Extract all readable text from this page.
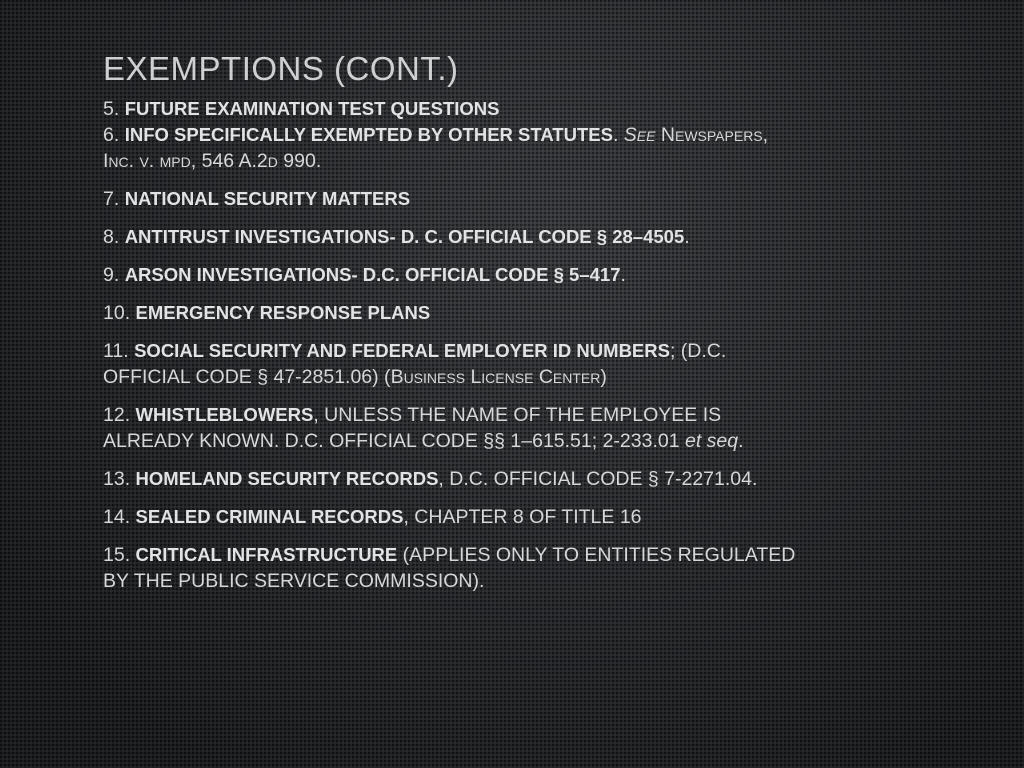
EXEMPTIONS (CONT.)
5. FUTURE EXAMINATION TEST QUESTIONS
6. INFO SPECIFICALLY EXEMPTED BY OTHER STATUTES. See Newspapers,
Inc. v. mpd, 546 A.2d 990.
7. NATIONAL SECURITY MATTERS
8. ANTITRUST INVESTIGATIONS- D. C. OFFICIAL CODE § 28–4505.
9. ARSON INVESTIGATIONS- D.C. OFFICIAL CODE § 5–417.
10. EMERGENCY RESPONSE PLANS
11. SOCIAL SECURITY AND FEDERAL EMPLOYER ID NUMBERS; (D.C.
OFFICIAL CODE § 47-2851.06) (Business License Center)
12. WHISTLEBLOWERS, UNLESS THE NAME OF THE EMPLOYEE IS
ALREADY KNOWN. D.C. OFFICIAL CODE §§ 1–615.51; 2-233.01 et seq.
13. HOMELAND SECURITY RECORDS, D.C. OFFICIAL CODE § 7-2271.04.
14. SEALED CRIMINAL RECORDS, CHAPTER 8 OF TITLE 16
15. CRITICAL INFRASTRUCTURE (APPLIES ONLY TO ENTITIES REGULATED
BY THE PUBLIC SERVICE COMMISSION).
